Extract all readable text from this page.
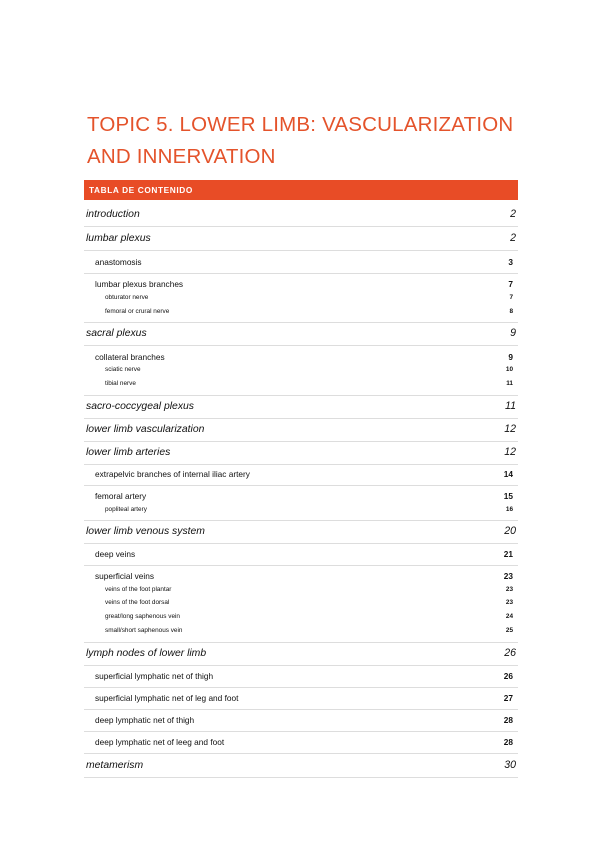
TOPIC 5. LOWER LIMB: VASCULARIZATION
AND INNERVATION
TABLA DE CONTENIDO
introduction	2
lumbar plexus	2
anastomosis	3
lumbar plexus branches	7
obturator nerve	7
femoral or crural nerve	8
sacral plexus	9
collateral branches	9
sciatic nerve	10
tibial nerve	11
sacro-coccygeal plexus	11
lower limb vascularization	12
lower limb arteries	12
extrapelvic branches of internal iliac artery	14
femoral artery	15
popliteal artery	16
lower limb venous system	20
deep veins	21
superficial veins	23
veins of the foot plantar	23
veins of the foot dorsal	23
great/long saphenous vein	24
small/short saphenous vein	25
lymph nodes of lower limb	26
superficial lymphatic net of thigh	26
superficial lymphatic net of leg and foot	27
deep lymphatic net of thigh	28
deep lymphatic net of leeg and foot	28
metamerism	30
